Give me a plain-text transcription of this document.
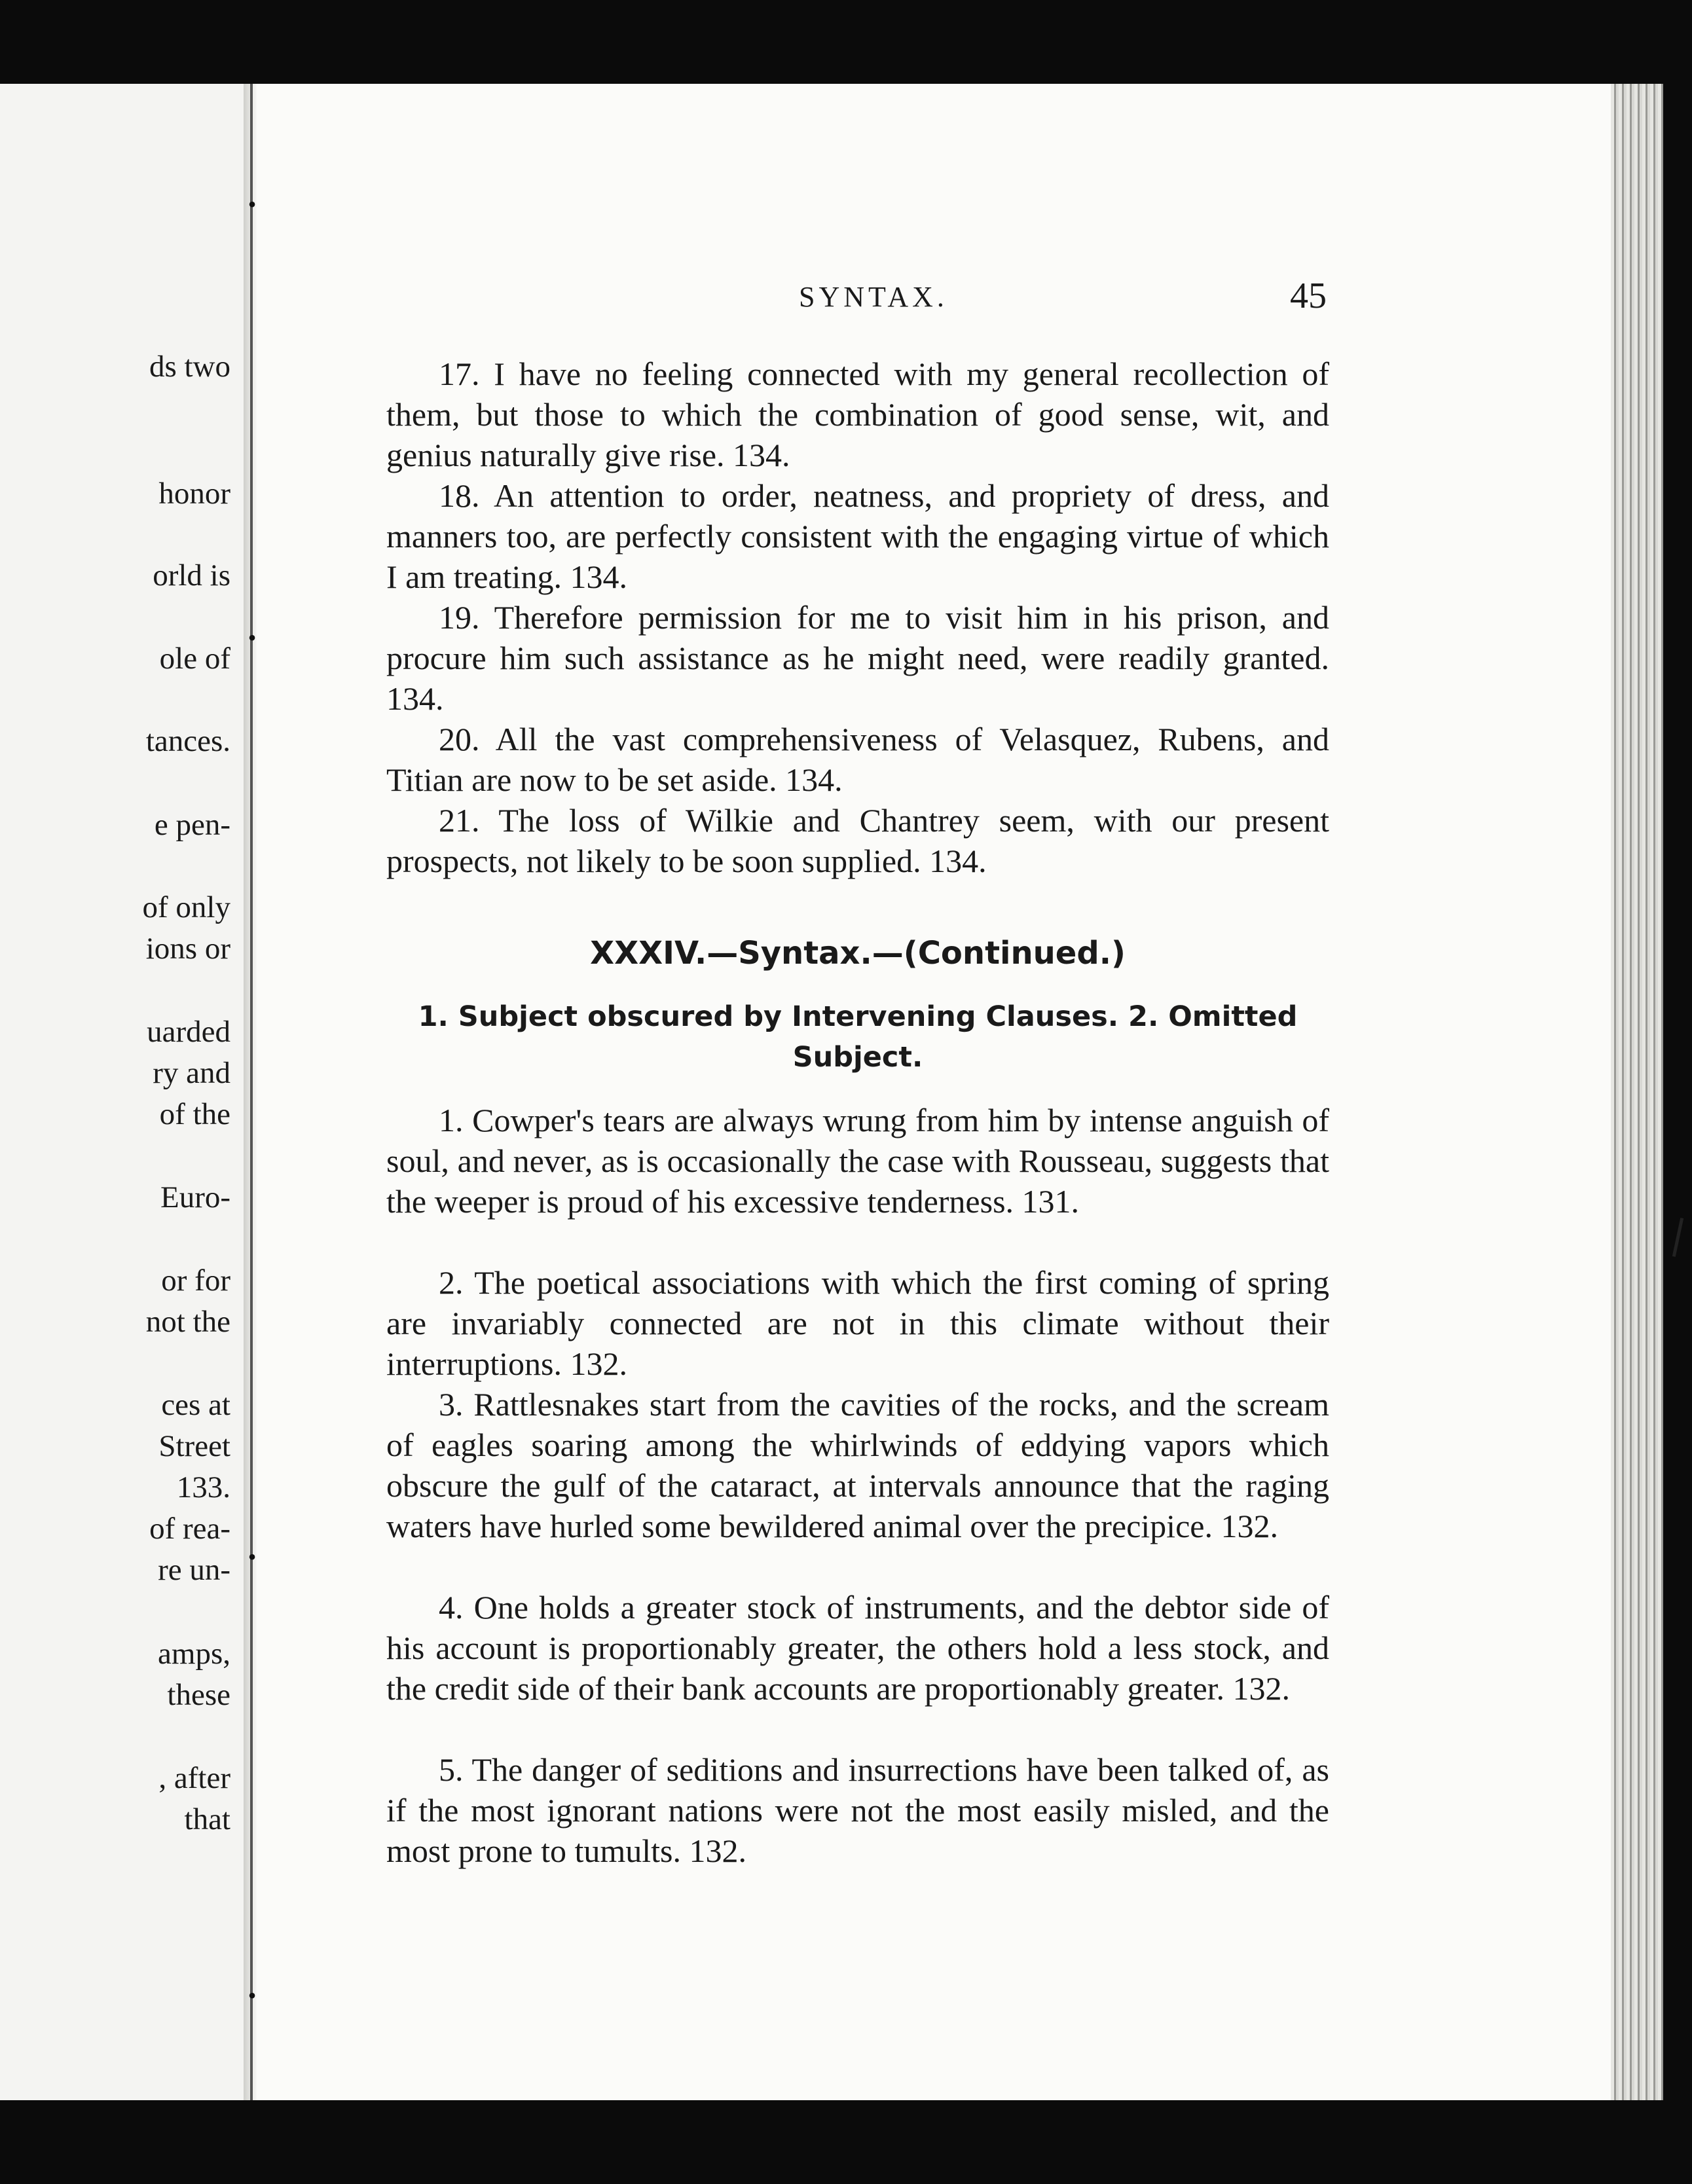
ds two
honor
orld is
ole of
tances.
e pen-
of only
ions or
uarded
ry and
of the
Euro-
or for
not the
ces at
Street
133.
of rea-
re un-
amps,
these
, after
that
•
•
•
•
SYNTAX.	45

17. I have no feeling connected with my general recollection of them, but those to which the combination of good sense, wit, and genius naturally give rise. 134.

18. An attention to order, neatness, and propriety of dress, and manners too, are perfectly consistent with the engaging virtue of which I am treating. 134.

19. Therefore permission for me to visit him in his prison, and procure him such assistance as he might need, were readily granted. 134.

20. All the vast comprehensiveness of Velasquez, Rubens, and Titian are now to be set aside. 134.

21. The loss of Wilkie and Chantrey seem, with our present prospects, not likely to be soon supplied. 134.

XXXIV.—Syntax.—(Continued.)
1. Subject obscured by Intervening Clauses. 2. Omitted Subject.

1. Cowper's tears are always wrung from him by intense anguish of soul, and never, as is occasionally the case with Rousseau, suggests that the weeper is proud of his excessive tenderness. 131.

2. The poetical associations with which the first coming of spring are invariably connected are not in this climate without their interruptions. 132.

3. Rattlesnakes start from the cavities of the rocks, and the scream of eagles soaring among the whirlwinds of eddying vapors which obscure the gulf of the cataract, at intervals announce that the raging waters have hurled some bewildered animal over the precipice. 132.

4. One holds a greater stock of instruments, and the debtor side of his account is proportionably greater, the others hold a less stock, and the credit side of their bank accounts are proportionably greater. 132.

5. The danger of seditions and insurrections have been talked of, as if the most ignorant nations were not the most easily misled, and the most prone to tumults. 132.
